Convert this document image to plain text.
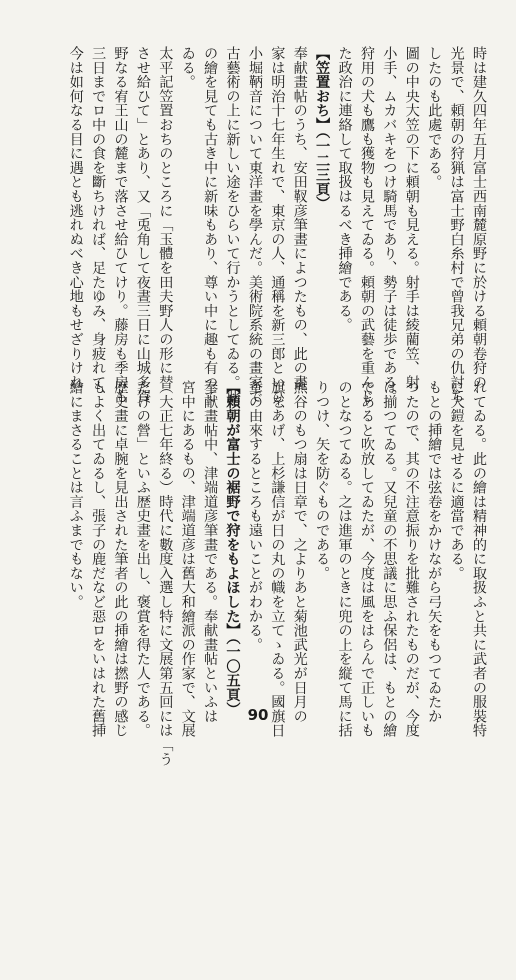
時は建久四年五月富士西南麓原野に於ける頼朝卷狩の
光景で、頼朝の狩猟は富士野白糸村で曾我兄弟の仇討ち
したのも此處である。
圖の中央大笠の下に頼朝も見える。射手は綾藺笠、射
小手、ムカバキをつけ騎馬であり、勢子は徒歩である。
狩用の犬も鷹も獲物も見えてゐる。頼朝の武藝を重んじ
た政治に連絡して取扱はるべき挿繪である。
【笠置おち】（一二三頁）
奉献畫帖のうち、安田靫彦筆畫によつたもの、此の畫
家は明治十七年生れで、東京の人、通稱を新三郎といひ、
小堀鞆音について東洋畫を學んだ。美術院系統の畫家で
古藝術の上に新しい途をひらいて行かうとしてゐる。此
の繪を見ても古き中に新味もあり、尊い中に趣も有つて
ゐる。
太平記笠置おちのところに「玉體を田夫野人の形に替
させ給ひて」とあり、又「兎角して夜晝三日に山城多賀
野なる宥王山の麓まで落させ給ひてけり。藤房も季房も
三日までロ中の食を斷ちければ、足たゆみ、身疲れて、
今は如何なる目に遇とも逃れぬべき心地もせざりけれ
れてゐる。此の繪は精神的に取扱ふと共に武者の服裝特
に大鎧を見せるに適當である。
もとの挿繪では弦卷をかけながら弓矢をもつてゐたか
つたので、其の不注意振りを批難されたものだが、今度
は揃つてゐる。又兒童の不思議に思ふ保侶は、もとの繪
であると吹放してゐたが、今度は風をはらんで正しいも
のとなつてゐる。之は進軍のときに兜の上を縦て馬に括
りつけ、矢を防ぐものである。
熊谷のもつ扇は日章で、之よりあと菊池武光が日月の
旗をあげ、上杉謙信が日の丸の幟を立てゝゐる。國旗日
章の由來するところも遠いことがわかる。
【頼朝が富士の裾野で狩をもよほした】（一〇五頁）
奉献畫帖中、津端道彦筆畫である。奉献畫帖といふは
宮中にあるもの、津端道彦は舊大和繪派の作家で、文展
（大正七年終る）時代に數度入選し特に文展第五回には「う
たげの營」といふ歴史畫を出し、褒賞を得た人である。
歴史畫に卓腕を見出された筆者の此の挿繪は撚野の感じ
もよく出てゐるし、張子の鹿だなど惡ロをいはれた舊挿
繪にまさることは言ふまでもない。
90
